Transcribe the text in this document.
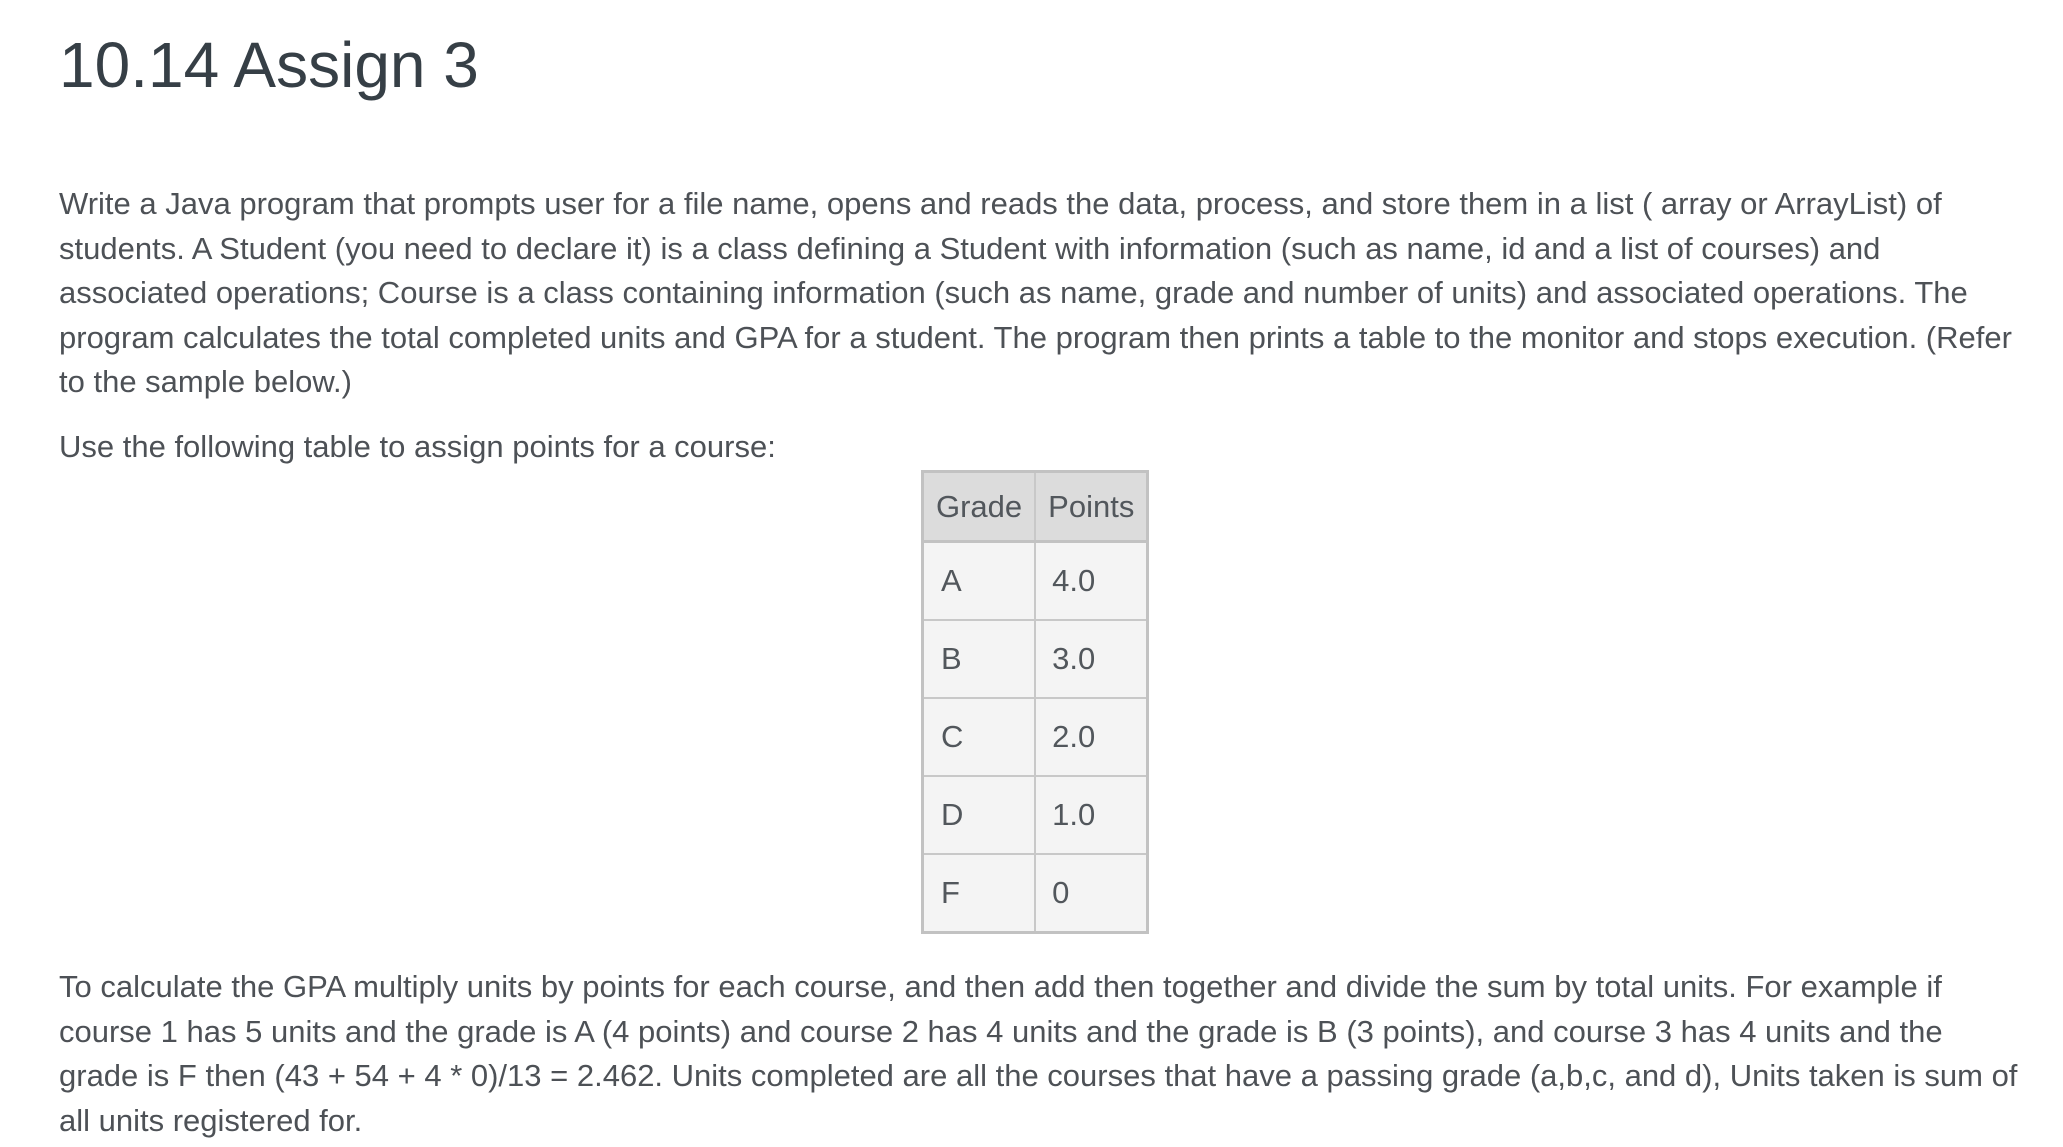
10.14 Assign 3

Write a Java program that prompts user for a file name, opens and reads the data, process, and store them in a list ( array or ArrayList) of students. A Student (you need to declare it) is a class defining a Student with information (such as name, id and a list of courses) and associated operations; Course is a class containing information (such as name, grade and number of units) and associated operations. The program calculates the total completed units and GPA for a student. The program then prints a table to the monitor and stops execution. (Refer to the sample below.)

Use the following table to assign points for a course:

Grade	Points
A	4.0
B	3.0
C	2.0
D	1.0
F	0

To calculate the GPA multiply units by points for each course, and then add then together and divide the sum by total units. For example if course 1 has 5 units and the grade is A (4 points) and course 2 has 4 units and the grade is B (3 points), and course 3 has 4 units and the grade is F then (43 + 54 + 4 * 0)/13 = 2.462. Units completed are all the courses that have a passing grade (a,b,c, and d), Units taken is sum of all units registered for.
